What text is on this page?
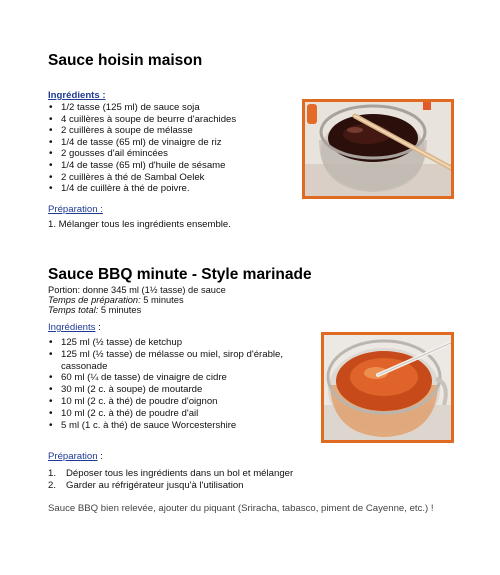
Sauce hoisin maison
Ingrédients :
• 1/2 tasse (125 ml) de sauce soja
• 4 cuillères à soupe de beurre d'arachides
• 2 cuillères à soupe de mélasse
• 1/4 de tasse (65 ml) de vinaigre de riz
• 2 gousses d'ail émincées
• 1/4 de tasse (65 ml) d'huile de sésame
• 2 cuillères à thé de Sambal Oelek
• 1/4 de cuillère à thé de poivre.
Préparation :
1. Mélanger tous les ingrédients ensemble.
Sauce BBQ minute - Style marinade
Portion: donne 345 ml (1½ tasse) de sauce
Temps de préparation: 5 minutes
Temps total: 5 minutes
Ingrédients :
• 125 ml (½ tasse) de ketchup
• 125 ml (½ tasse) de mélasse ou miel, sirop d'érable,
cassonade
• 60 ml (¼ de tasse) de vinaigre de cidre
• 30 ml (2 c. à soupe) de moutarde
• 10 ml (2 c. à thé) de poudre d'oignon
• 10 ml (2 c. à thé) de poudre d'ail
• 5 ml (1 c. à thé) de sauce Worcestershire
Préparation :
1. Déposer tous les ingrédients dans un bol et mélanger
2. Garder au réfrigérateur jusqu'à l'utilisation
Sauce BBQ bien relevée, ajouter du piquant (Sriracha, tabasco, piment de Cayenne, etc.) !
